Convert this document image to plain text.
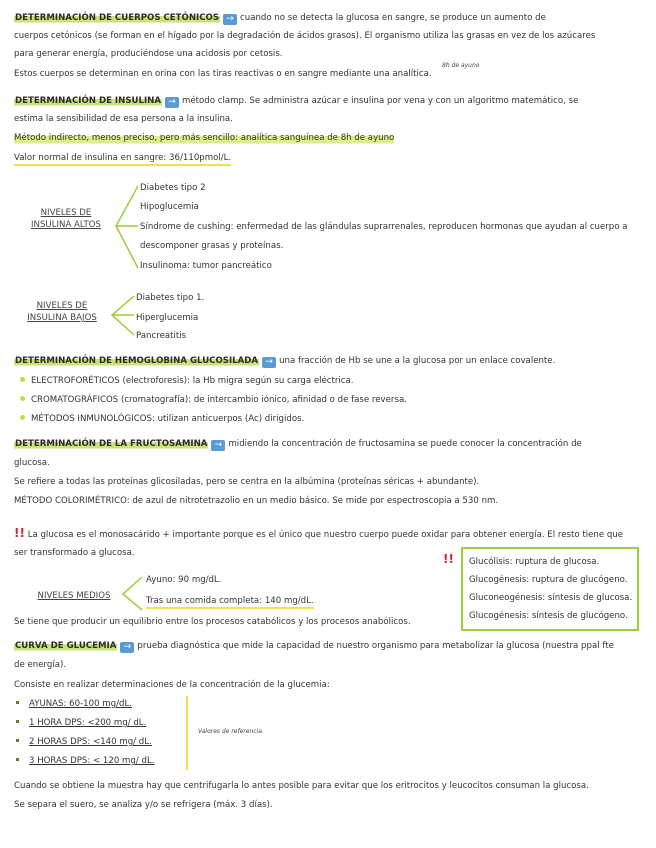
DETERMINACIÓN DE CUERPOS CETÓNICOS → cuando no se detecta la glucosa en sangre, se produce un aumento de
cuerpos cetónicos (se forman en el hígado por la degradación de ácidos grasos). El organismo utiliza las grasas en vez de los azúcares
para generar energía, produciéndose una acidosis por cetosis.
Estos cuerpos se determinan en orina con las tiras reactivas o en sangre mediante una analítica.
8h de ayuno
DETERMINACIÓN DE INSULINA → método clamp. Se administra azúcar e insulina por vena y con un algoritmo matemático, se
estima la sensibilidad de esa persona a la insulina.
Método indirecto, menos preciso, pero más sencillo: analítica sanguínea de 8h de ayuno
Valor normal de insulina en sangre: 36/110pmol/L.
NIVELES DE
INSULINA ALTOS
Diabetes tipo 2
Hipoglucemia
Síndrome de cushing: enfermedad de las glándulas suprarrenales, reproducen hormonas que ayudan al cuerpo a
descomponer grasas y proteínas.
Insulinoma: tumor pancreático
NIVELES DE
INSULINA BAJOS
Diabetes tipo 1.
Hiperglucemia
Pancreatitis
DETERMINACIÓN DE HEMOGLOBINA GLUCOSILADA → una fracción de Hb se une a la glucosa por un enlace covalente.
ELECTROFORÉTICOS (electroforesis): la Hb migra según su carga eléctrica.
CROMATOGRÁFICOS (cromatografía): de intercambio iónico, afinidad o de fase reversa.
MÉTODOS INMUNOLÓGICOS: utilizan anticuerpos (Ac) dirigidos.
DETERMINACIÓN DE LA FRUCTOSAMINA → midiendo la concentración de fructosamina se puede conocer la concentración de
glucosa.
Se refiere a todas las proteínas glicosiladas, pero se centra en la albúmina (proteínas séricas + abundante).
MÉTODO COLORIMÉTRICO: de azul de nitrotetrazolio en un medio básico. Se mide por espectroscopia a 530 nm.
!! La glucosa es el monosacárido + importante porque es el único que nuestro cuerpo puede oxidar para obtener energía. El resto tiene que
ser transformado a glucosa.
NIVELES MEDIOS
Ayuno: 90 mg/dL.
Tras una comida completa: 140 mg/dL.
!! Glucólisis: ruptura de glucosa.
Glucogénesis: ruptura de glucógeno.
Gluconeogénesis: síntesis de glucosa.
Glucogénesis: síntesis de glucógeno.
Se tiene que producir un equilibrio entre los procesos catabólicos y los procesos anabólicos.
CURVA DE GLUCEMIA → prueba diagnóstica que mide la capacidad de nuestro organismo para metabolizar la glucosa (nuestra ppal fte
de energía).
Consiste en realizar determinaciones de la concentración de la glucemia:
AYUNAS: 60-100 mg/dL.
1 HORA DPS: <200 mg/ dL.
2 HORAS DPS: <140 mg/ dL.
3 HORAS DPS: < 120 mg/ dL.
Valores de referencia.
Cuando se obtiene la muestra hay que centrifugarla lo antes posible para evitar que los eritrocitos y leucocitos consuman la glucosa.
Se separa el suero, se analiza y/o se refrigera (máx. 3 días).
